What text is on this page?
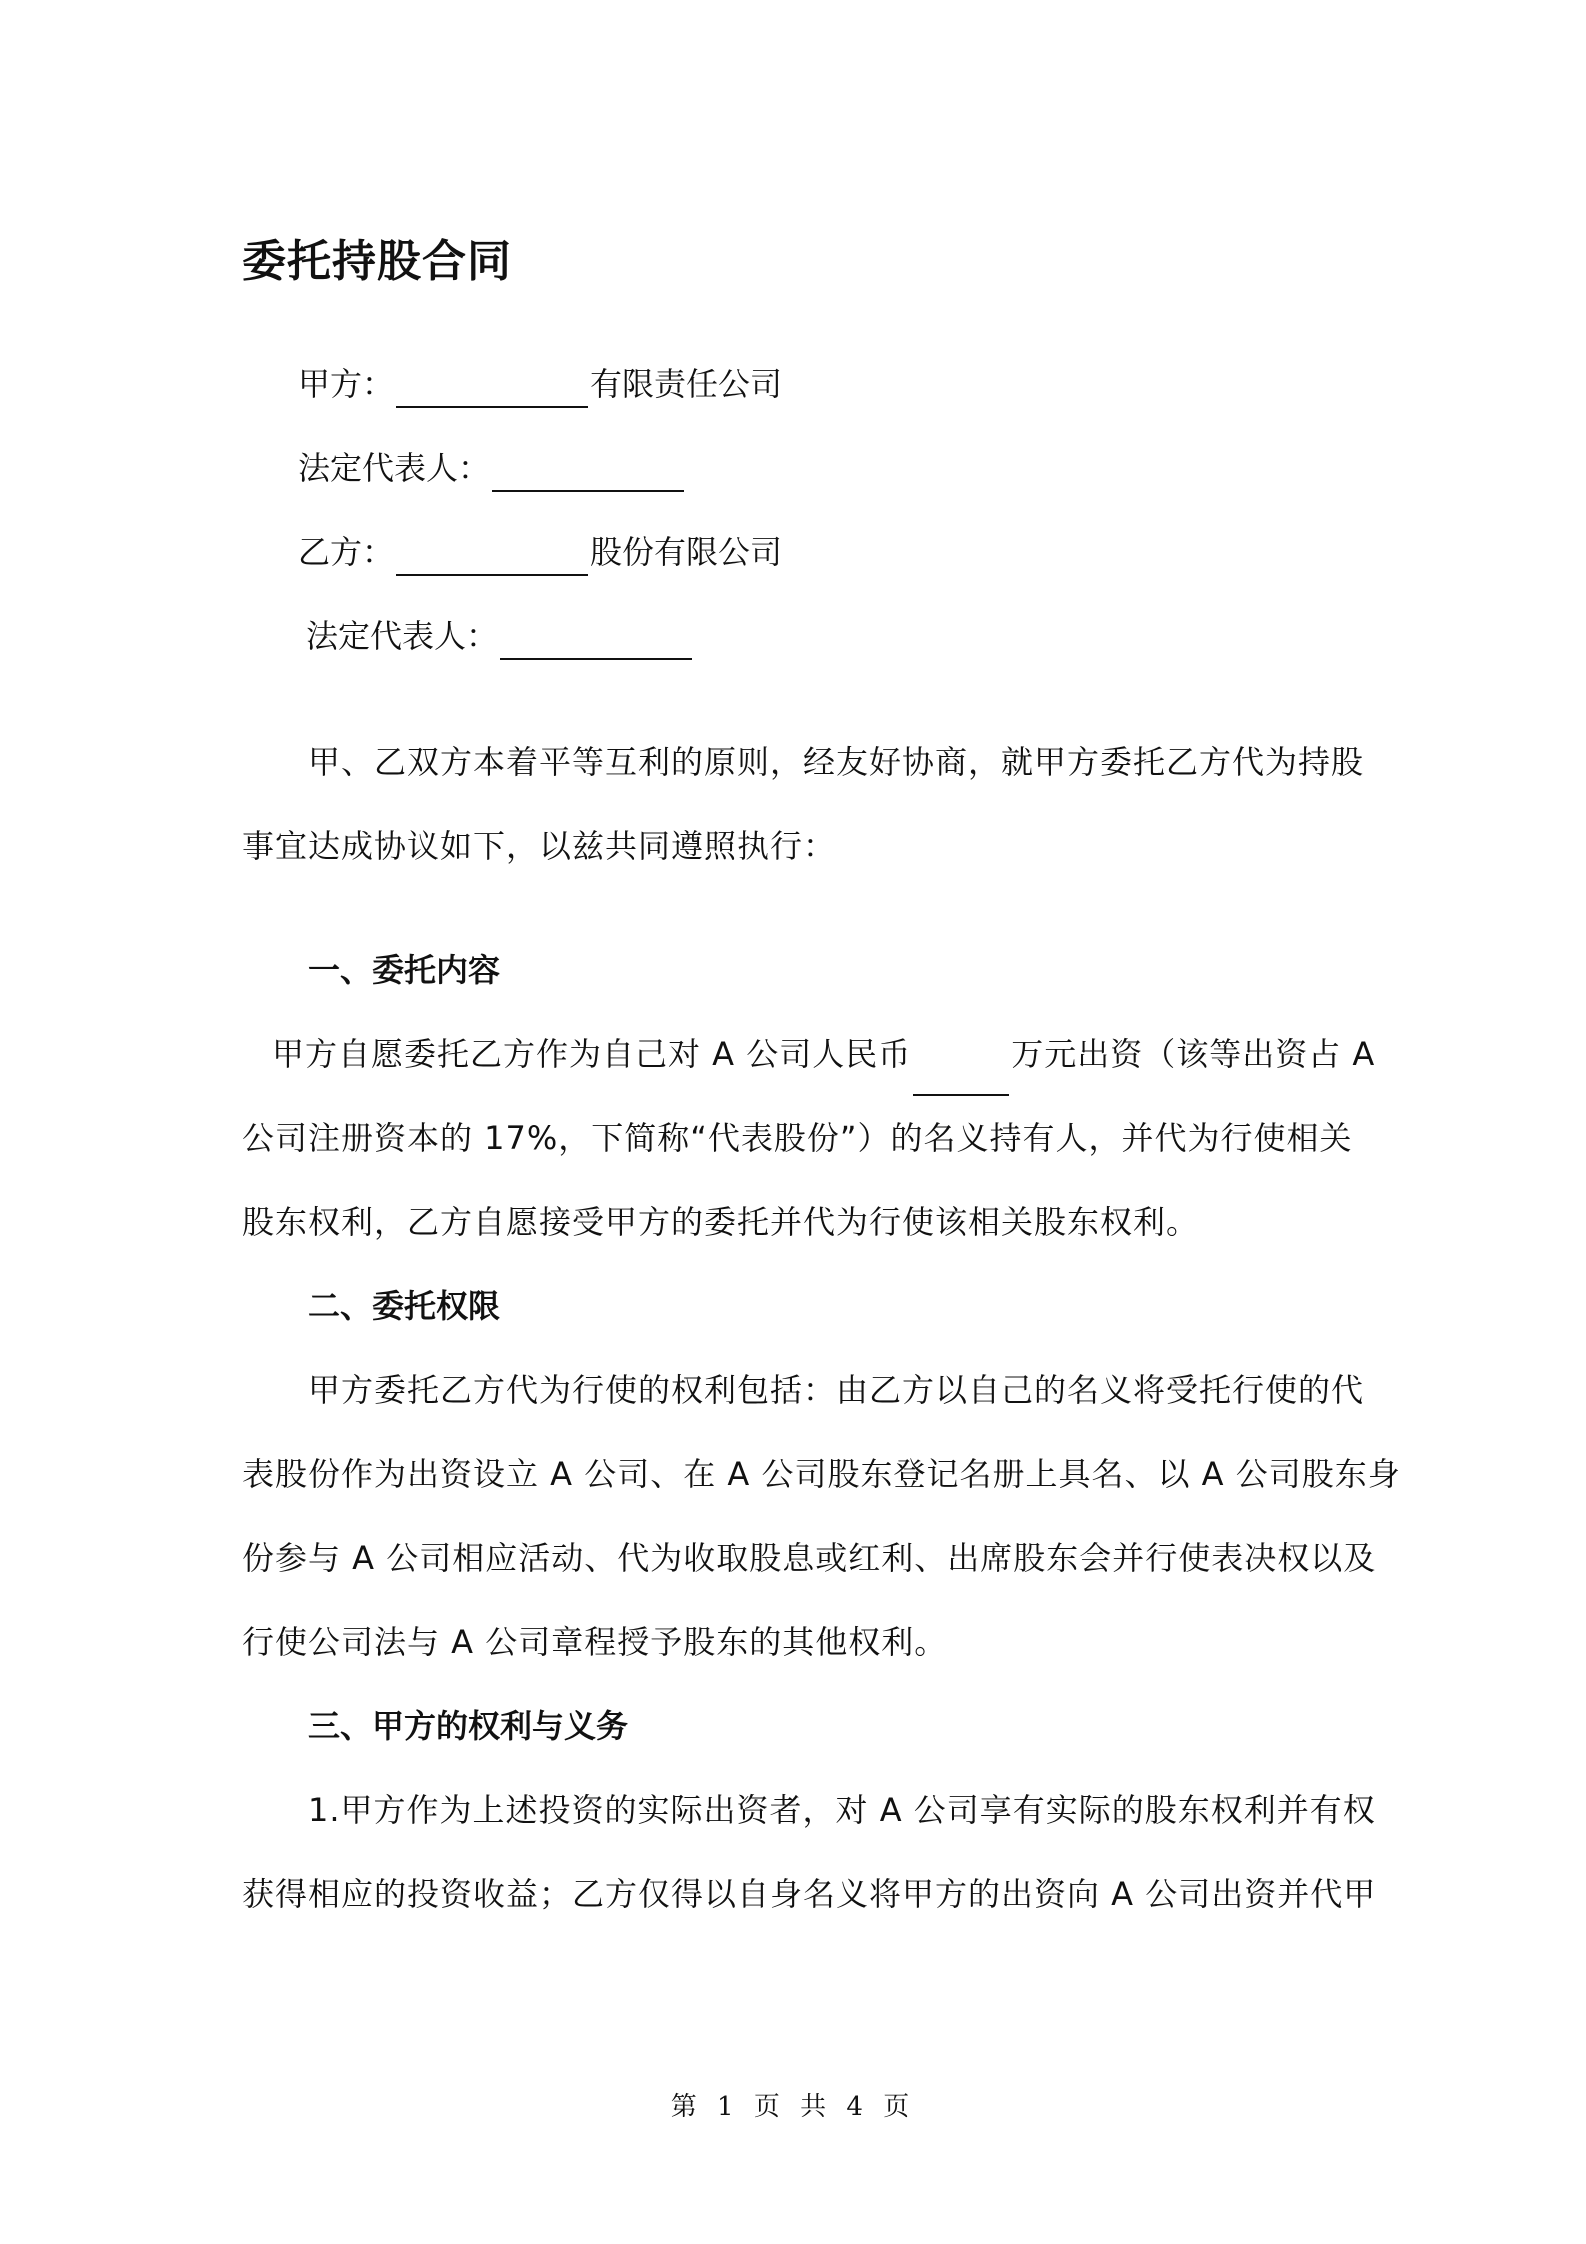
委托持股合同
甲方：	有限责任公司
法定代表人：
乙方：	股份有限公司
法定代表人：
甲、乙双方本着平等互利的原则，经友好协商，就甲方委托乙方代为持股
事宜达成协议如下，以兹共同遵照执行：
一、委托内容
甲方自愿委托乙方作为自己对 A 公司人民币	万元出资（该等出资占 A
公司注册资本的 17%，下简称“代表股份”）的名义持有人，并代为行使相关
股东权利，乙方自愿接受甲方的委托并代为行使该相关股东权利。
二、委托权限
甲方委托乙方代为行使的权利包括：由乙方以自己的名义将受托行使的代
表股份作为出资设立 A 公司、在 A 公司股东登记名册上具名、以 A 公司股东身
份参与 A 公司相应活动、代为收取股息或红利、出席股东会并行使表决权以及
行使公司法与 A 公司章程授予股东的其他权利。
三、甲方的权利与义务
1.甲方作为上述投资的实际出资者，对 A 公司享有实际的股东权利并有权
获得相应的投资收益；乙方仅得以自身名义将甲方的出资向 A 公司出资并代甲
第 1 页 共 4 页
